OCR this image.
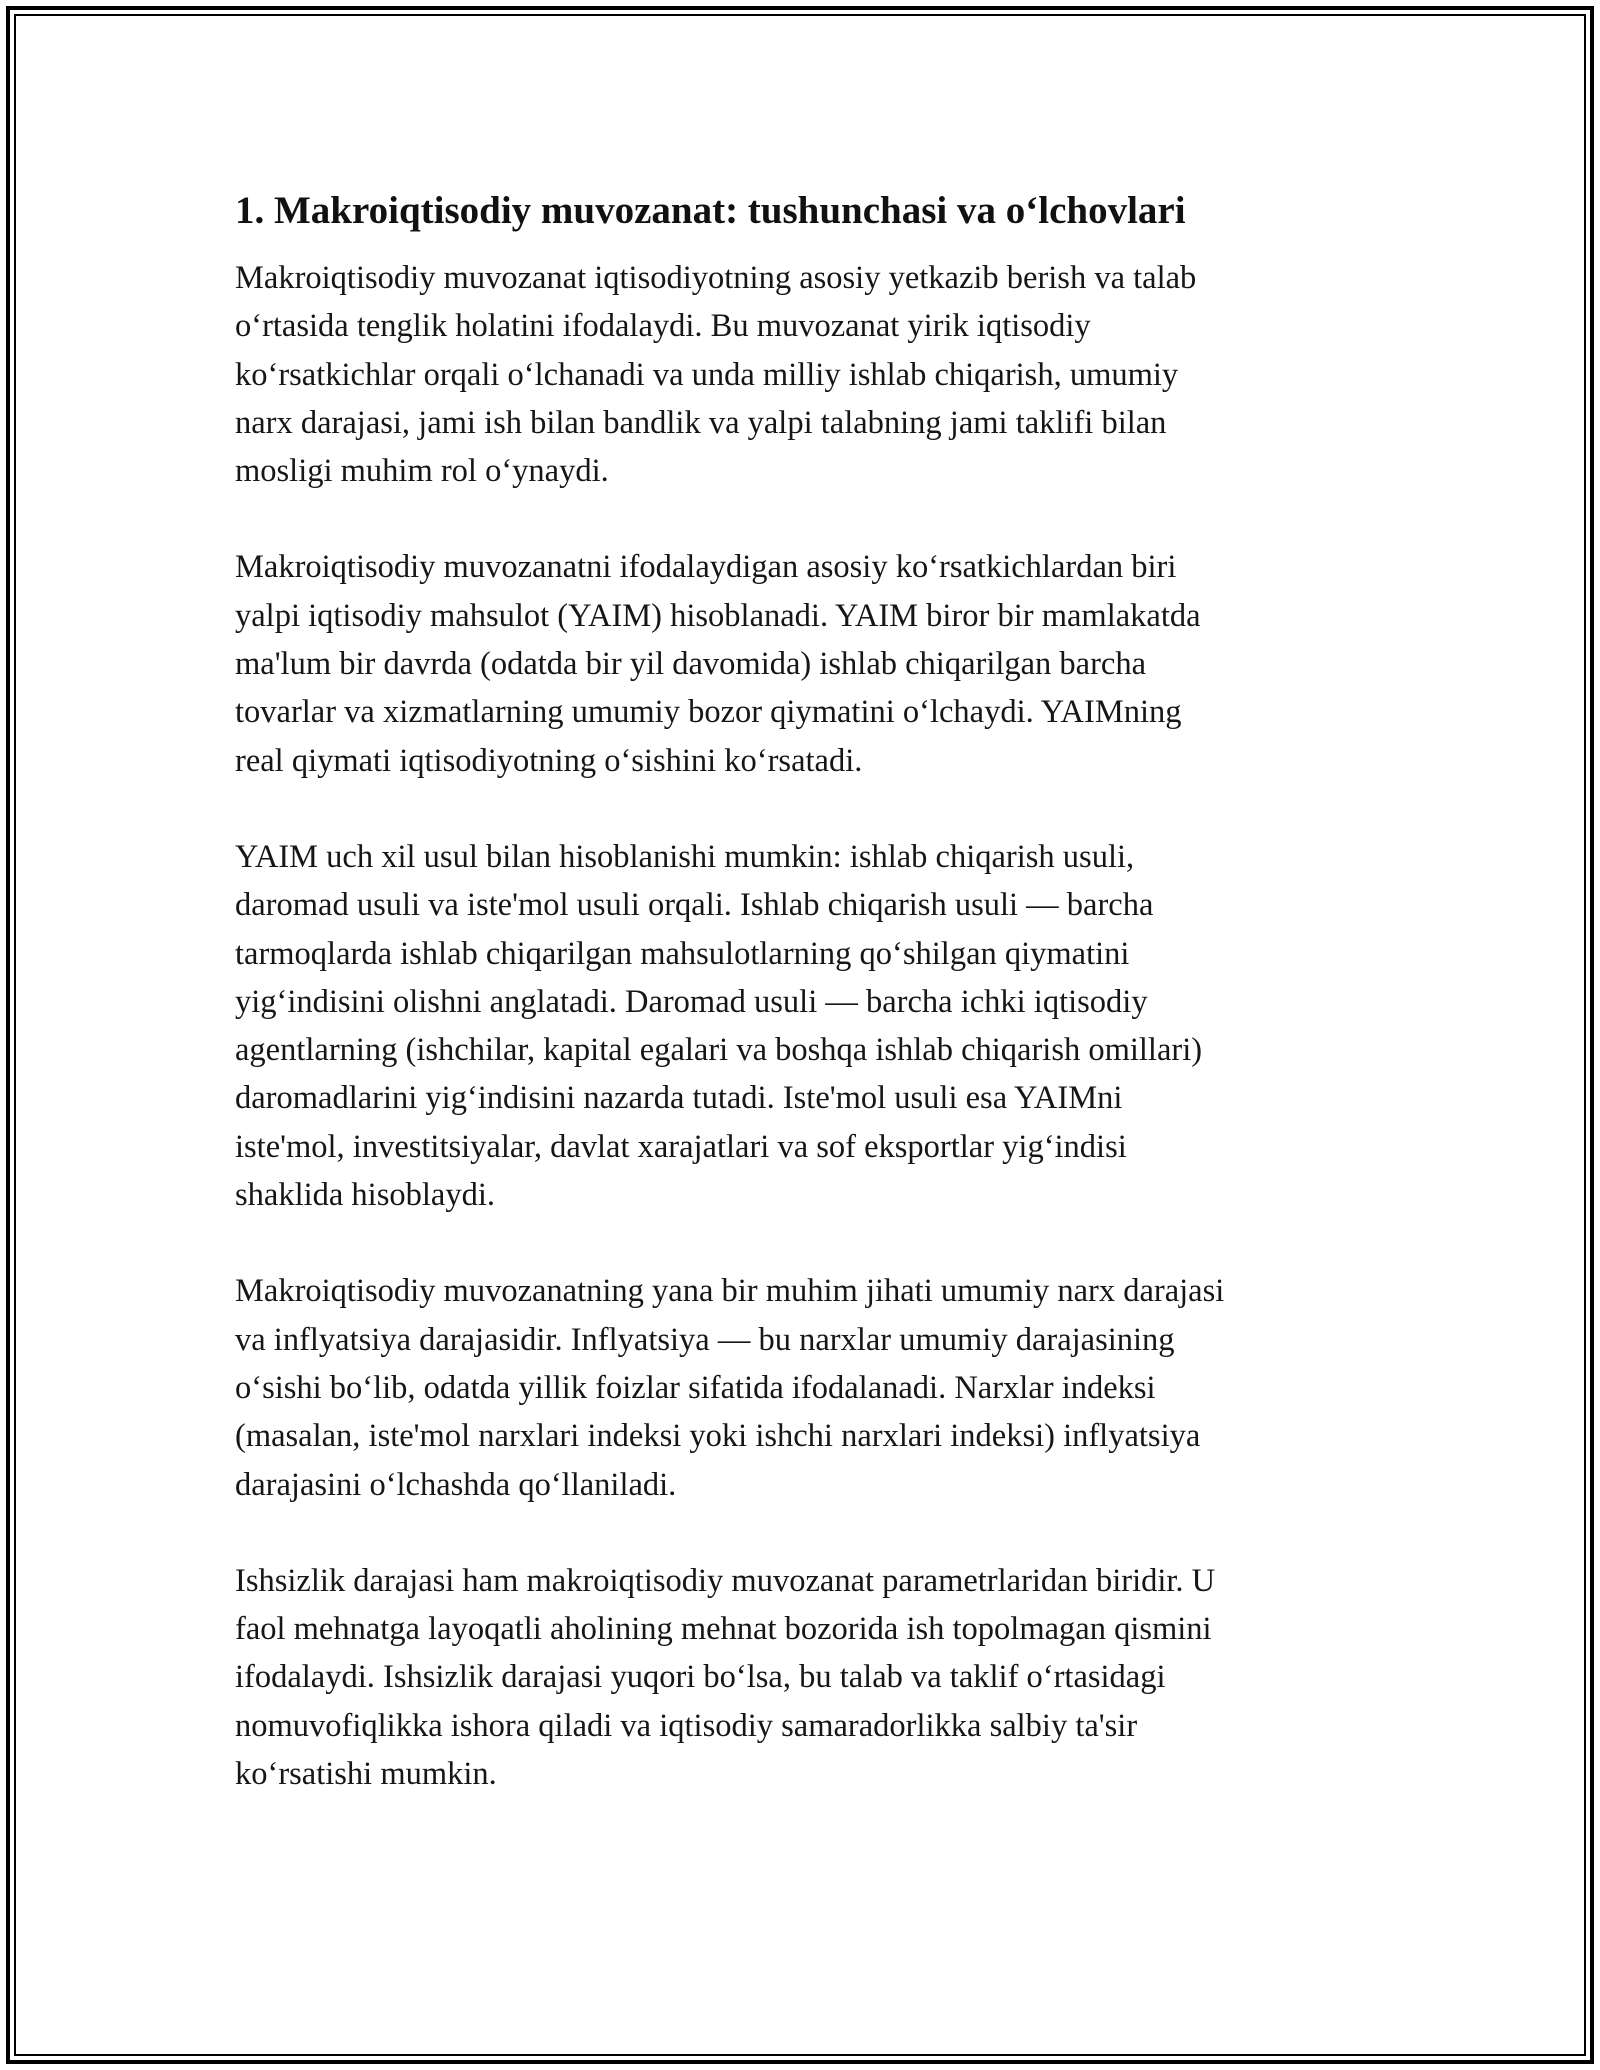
1. Makroiqtisodiy muvozanat: tushunchasi va o‘lchovlari
Makroiqtisodiy muvozanat iqtisodiyotning asosiy yetkazib berish va talab
o‘rtasida tenglik holatini ifodalaydi. Bu muvozanat yirik iqtisodiy
ko‘rsatkichlar orqali o‘lchanadi va unda milliy ishlab chiqarish, umumiy
narx darajasi, jami ish bilan bandlik va yalpi talabning jami taklifi bilan
mosligi muhim rol o‘ynaydi.
Makroiqtisodiy muvozanatni ifodalaydigan asosiy ko‘rsatkichlardan biri
yalpi iqtisodiy mahsulot (YAIM) hisoblanadi. YAIM biror bir mamlakatda
ma'lum bir davrda (odatda bir yil davomida) ishlab chiqarilgan barcha
tovarlar va xizmatlarning umumiy bozor qiymatini o‘lchaydi. YAIMning
real qiymati iqtisodiyotning o‘sishini ko‘rsatadi.
YAIM uch xil usul bilan hisoblanishi mumkin: ishlab chiqarish usuli,
daromad usuli va iste'mol usuli orqali. Ishlab chiqarish usuli — barcha
tarmoqlarda ishlab chiqarilgan mahsulotlarning qo‘shilgan qiymatini
yig‘indisini olishni anglatadi. Daromad usuli — barcha ichki iqtisodiy
agentlarning (ishchilar, kapital egalari va boshqa ishlab chiqarish omillari)
daromadlarini yig‘indisini nazarda tutadi. Iste'mol usuli esa YAIMni
iste'mol, investitsiyalar, davlat xarajatlari va sof eksportlar yig‘indisi
shaklida hisoblaydi.
Makroiqtisodiy muvozanatning yana bir muhim jihati umumiy narx darajasi
va inflyatsiya darajasidir. Inflyatsiya — bu narxlar umumiy darajasining
o‘sishi bo‘lib, odatda yillik foizlar sifatida ifodalanadi. Narxlar indeksi
(masalan, iste'mol narxlari indeksi yoki ishchi narxlari indeksi) inflyatsiya
darajasini o‘lchashda qo‘llaniladi.
Ishsizlik darajasi ham makroiqtisodiy muvozanat parametrlaridan biridir. U
faol mehnatga layoqatli aholining mehnat bozorida ish topolmagan qismini
ifodalaydi. Ishsizlik darajasi yuqori bo‘lsa, bu talab va taklif o‘rtasidagi
nomuvofiqlikka ishora qiladi va iqtisodiy samaradorlikka salbiy ta'sir
ko‘rsatishi mumkin.
